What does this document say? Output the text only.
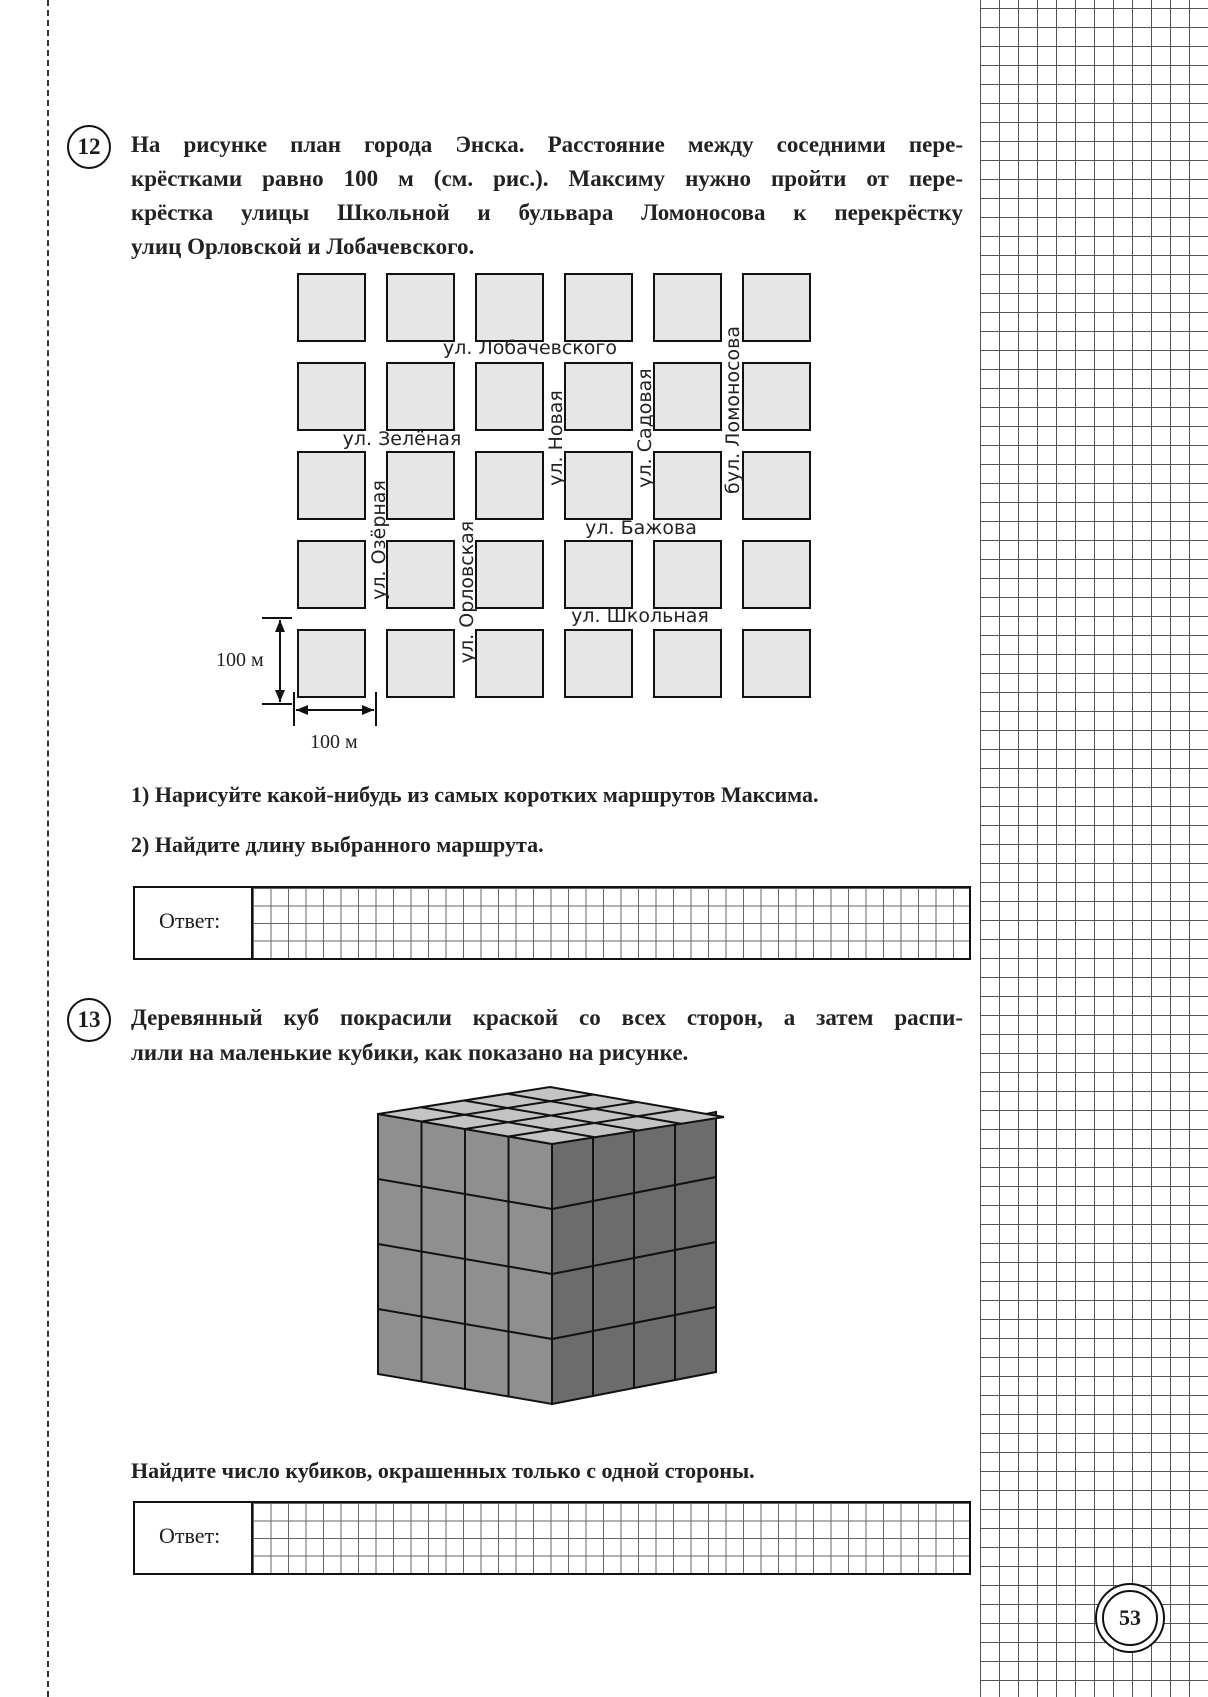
12 На рисунке план города Энска. Расстояние между соседними пере-
крёстками равно 100 м (см. рис.). Максиму нужно пройти от пере-
крёстка улицы Школьной и бульвара Ломоносова к перекрёстку
улиц Орловской и Лобачевского.
ул. Лобачевского
ул. Зелёная
ул. Бажова
ул. Школьная
ул. Озёрная	ул. Орловская
ул. Новая	ул. Садовая	бул. Ломоносова
100 м
100 м
1) Нарисуйте какой-нибудь из самых коротких маршрутов Максима.
2) Найдите длину выбранного маршрута.
Ответ:
13 Деревянный куб покрасили краской со всех сторон, а затем распи-
лили на маленькие кубики, как показано на рисунке.
Найдите число кубиков, окрашенных только с одной стороны.
Ответ:
53
